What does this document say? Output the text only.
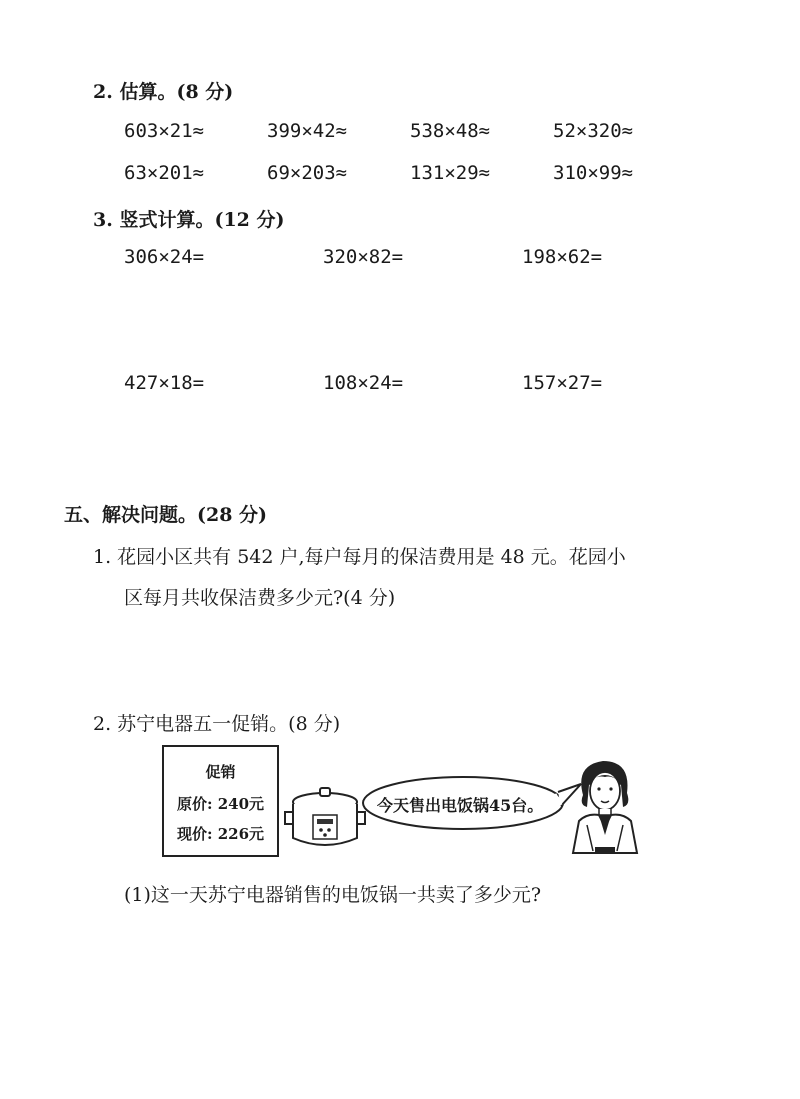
2. 估算。(8 分)
603×21≈	399×42≈	538×48≈	52×320≈
63×201≈	69×203≈	131×29≈	310×99≈
3. 竖式计算。(12 分)
306×24=	320×82=	198×62=
427×18=	108×24=	157×27=
五、解决问题。(28 分)
1. 花园小区共有 542 户,每户每月的保洁费用是 48 元。花园小
区每月共收保洁费多少元?(4 分)
2. 苏宁电器五一促销。(8 分)
促销
原价: 240元
现价: 226元
今天售出电饭锅45台。
(1)这一天苏宁电器销售的电饭锅一共卖了多少元?
